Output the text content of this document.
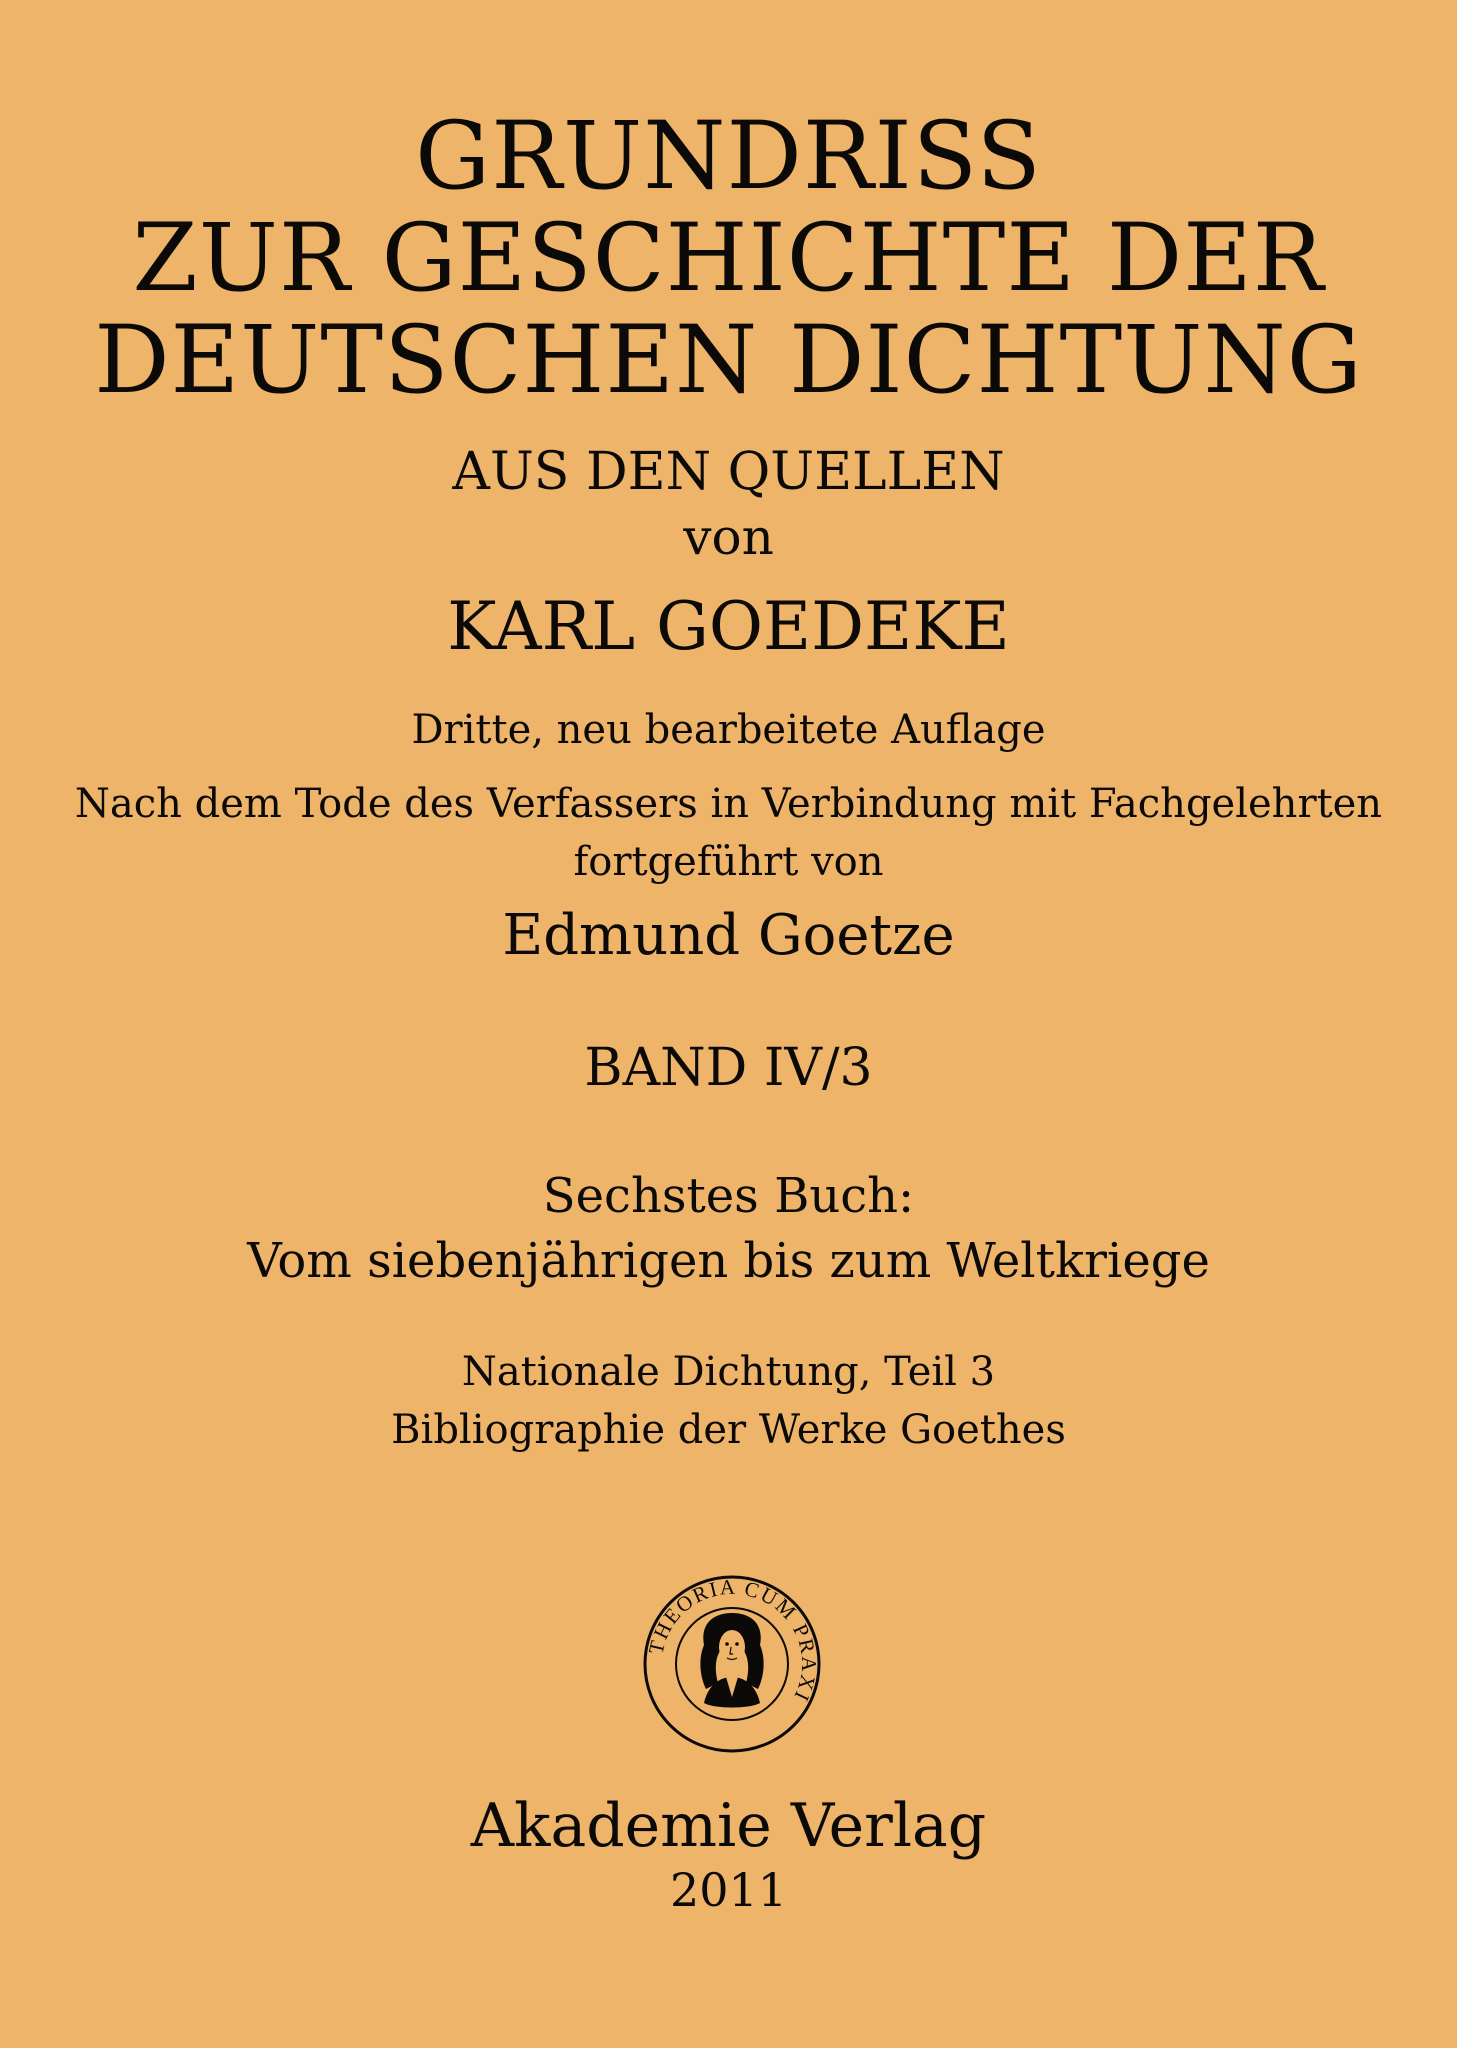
GRUNDRISS
ZUR GESCHICHTE DER
DEUTSCHEN DICHTUNG
AUS DEN QUELLEN
von
KARL GOEDEKE
Dritte, neu bearbeitete Auflage
Nach dem Tode des Verfassers in Verbindung mit Fachgelehrten
fortgeführt von
Edmund Goetze
BAND IV/3
Sechstes Buch:
Vom siebenjährigen bis zum Weltkriege
Nationale Dichtung, Teil 3
Bibliographie der Werke Goethes
THEORIA CUM PRAXI
Akademie Verlag
2011
